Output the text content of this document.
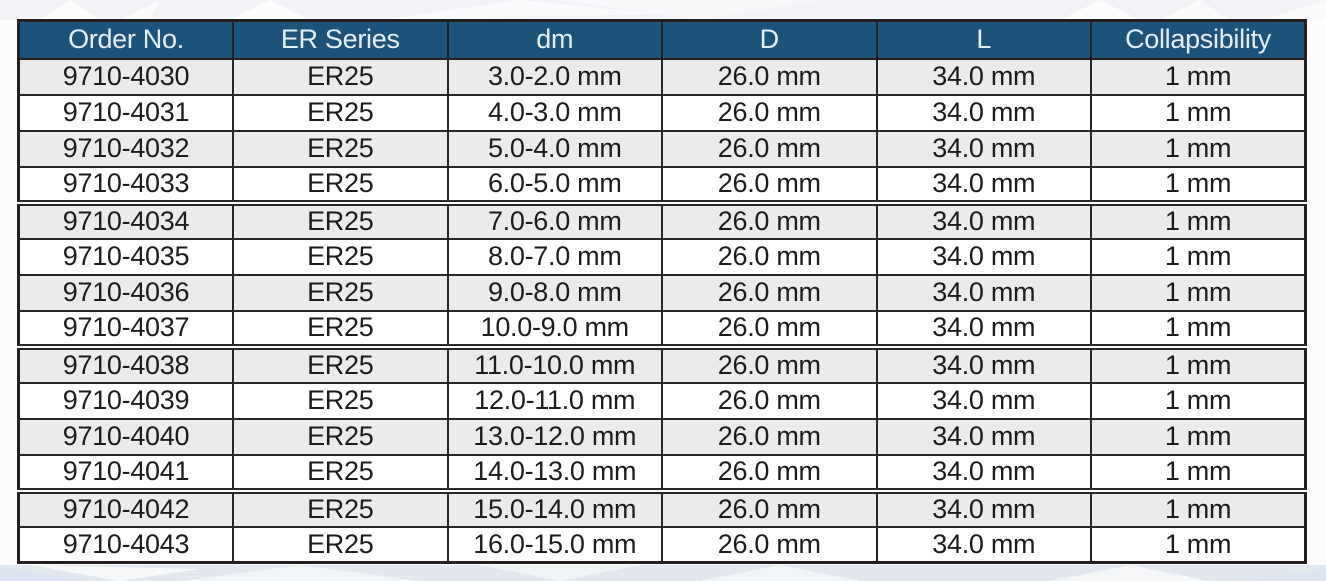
Order No.	ER Series	dm	D	L	Collapsibility
9710-4030	ER25	3.0-2.0 mm	26.0 mm	34.0 mm	1 mm
9710-4031	ER25	4.0-3.0 mm	26.0 mm	34.0 mm	1 mm
9710-4032	ER25	5.0-4.0 mm	26.0 mm	34.0 mm	1 mm
9710-4033	ER25	6.0-5.0 mm	26.0 mm	34.0 mm	1 mm
9710-4034	ER25	7.0-6.0 mm	26.0 mm	34.0 mm	1 mm
9710-4035	ER25	8.0-7.0 mm	26.0 mm	34.0 mm	1 mm
9710-4036	ER25	9.0-8.0 mm	26.0 mm	34.0 mm	1 mm
9710-4037	ER25	10.0-9.0 mm	26.0 mm	34.0 mm	1 mm
9710-4038	ER25	11.0-10.0 mm	26.0 mm	34.0 mm	1 mm
9710-4039	ER25	12.0-11.0 mm	26.0 mm	34.0 mm	1 mm
9710-4040	ER25	13.0-12.0 mm	26.0 mm	34.0 mm	1 mm
9710-4041	ER25	14.0-13.0 mm	26.0 mm	34.0 mm	1 mm
9710-4042	ER25	15.0-14.0 mm	26.0 mm	34.0 mm	1 mm
9710-4043	ER25	16.0-15.0 mm	26.0 mm	34.0 mm	1 mm
